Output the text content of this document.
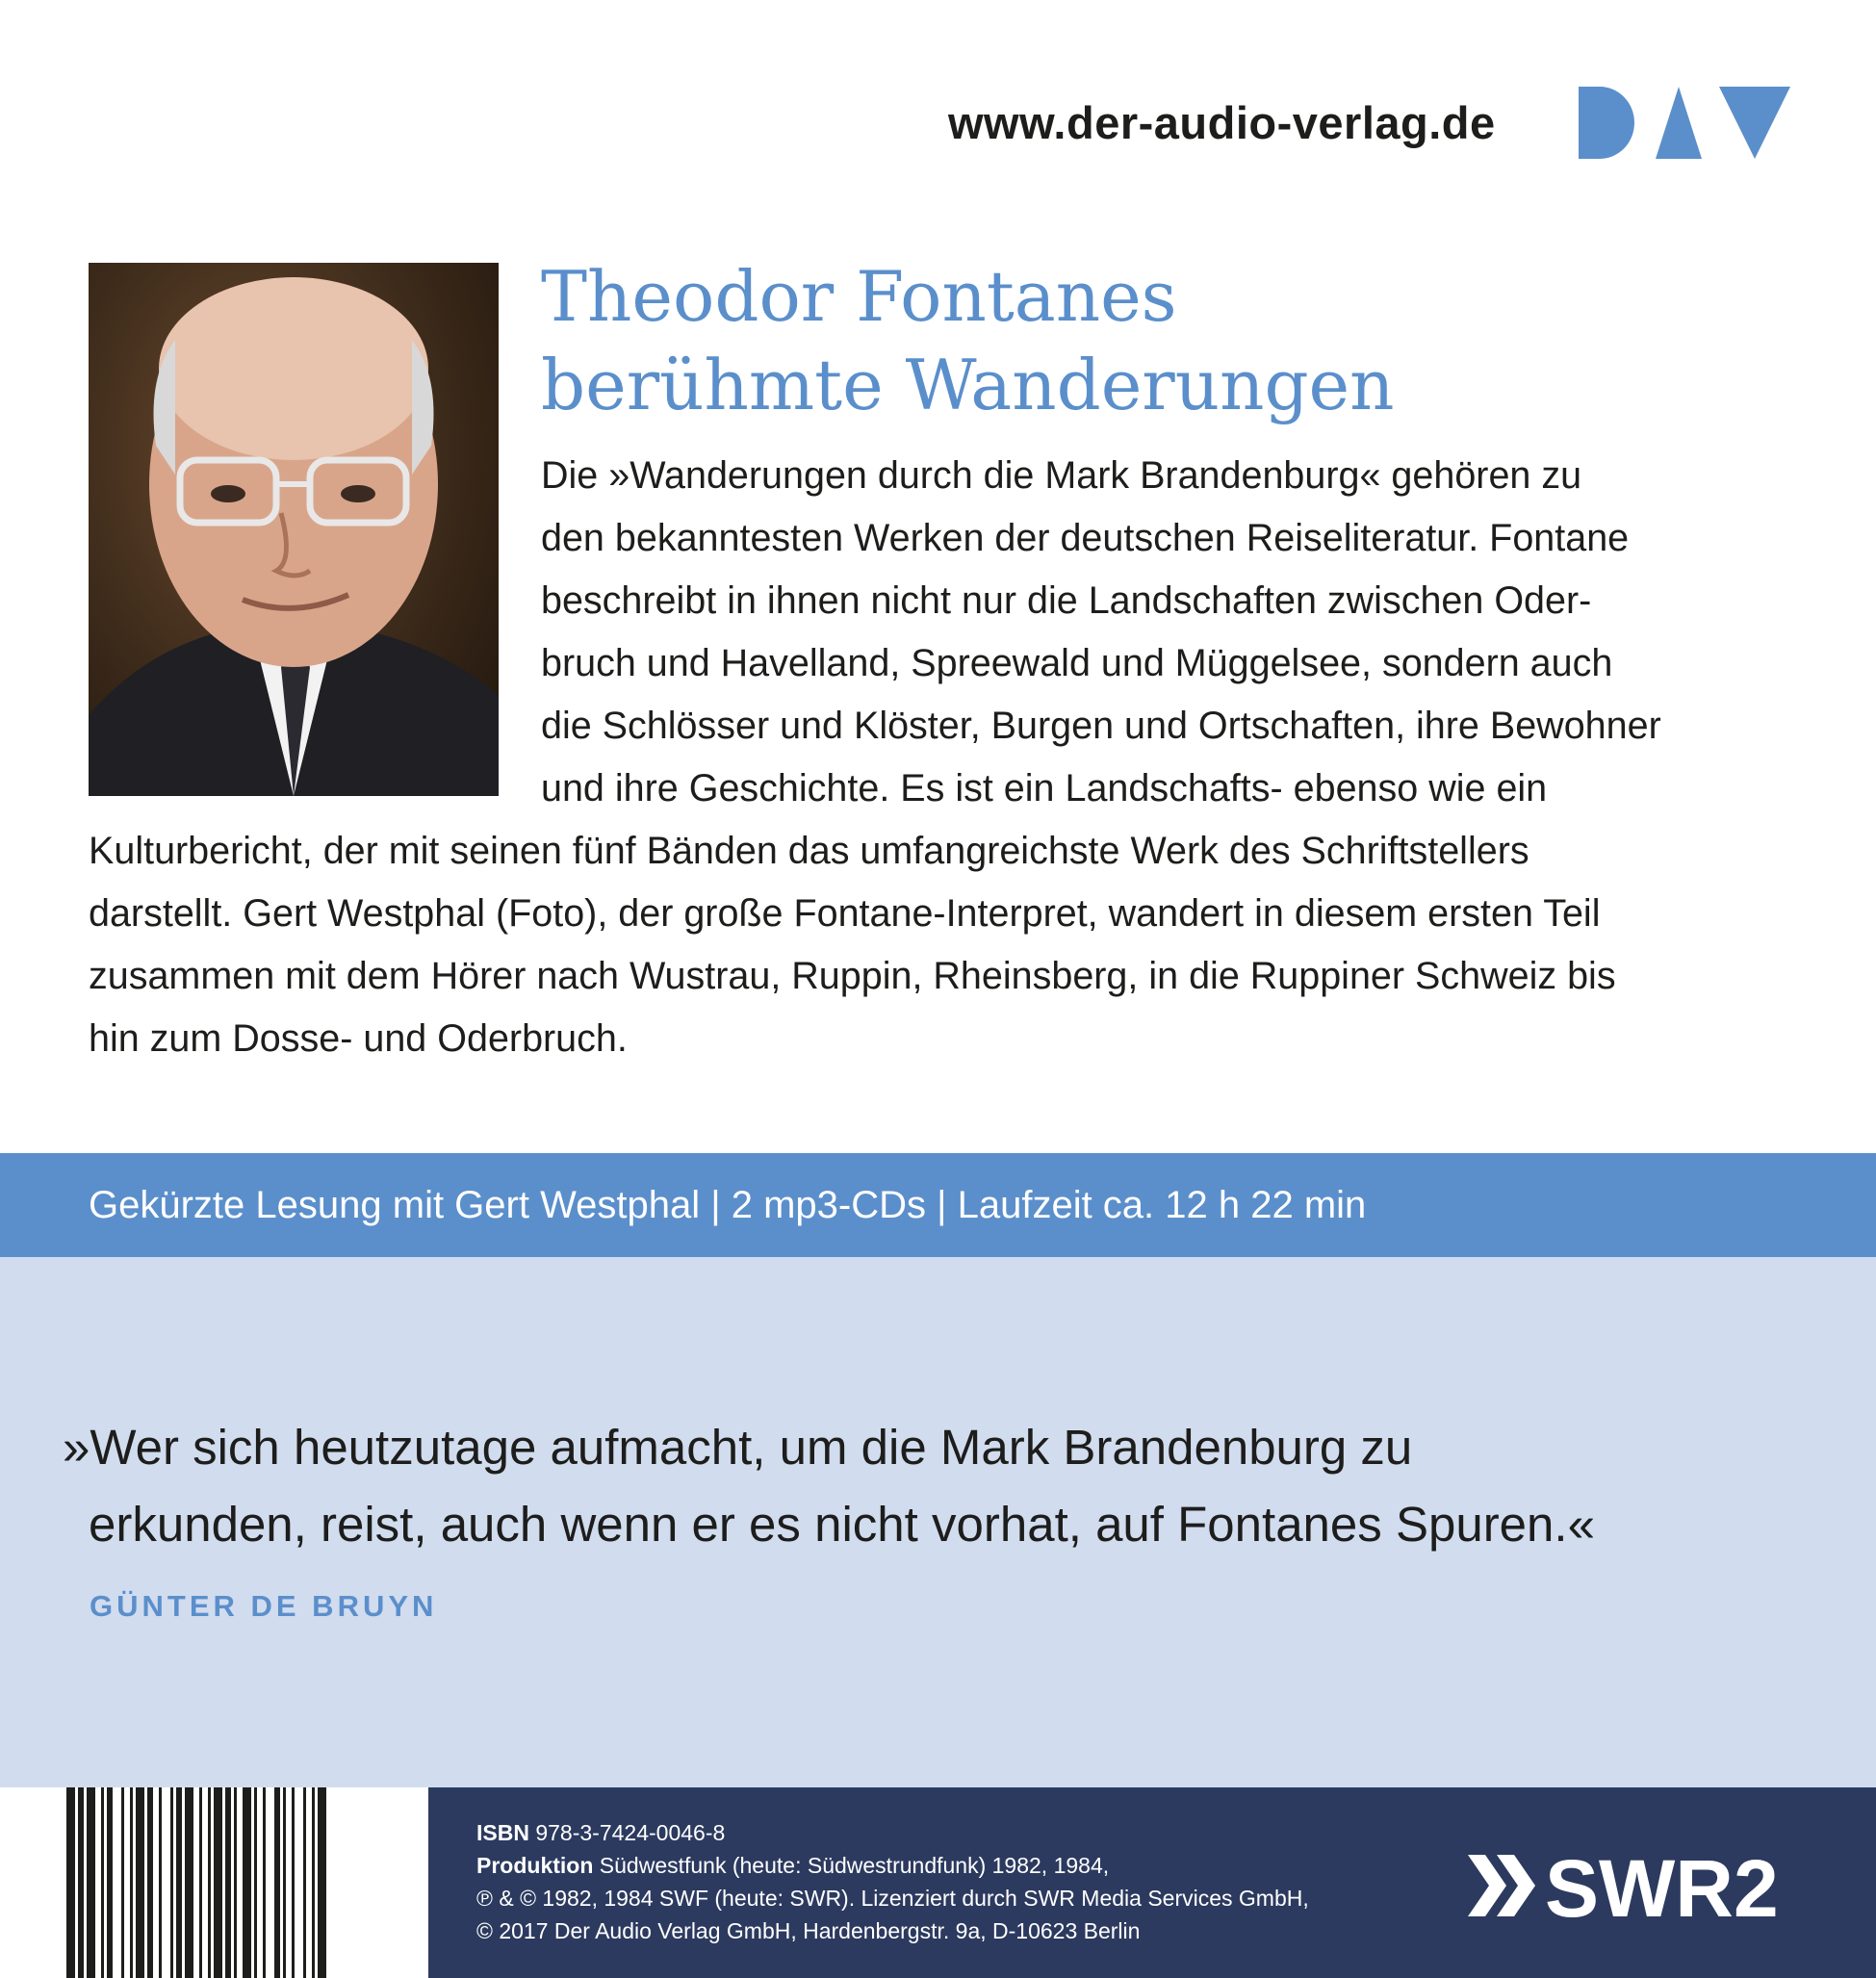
www.der-audio-verlag.de
Theodor Fontanes
berühmte Wanderungen
Die »Wanderungen durch die Mark Brandenburg« gehören zu
den bekanntesten Werken der deutschen Reiseliteratur. Fontane
beschreibt in ihnen nicht nur die Landschaften zwischen Oder-
bruch und Havelland, Spreewald und Müggelsee, sondern auch
die Schlösser und Klöster, Burgen und Ortschaften, ihre Bewohner
und ihre Geschichte. Es ist ein Landschafts- ebenso wie ein
Kulturbericht, der mit seinen fünf Bänden das umfangreichste Werk des Schriftstellers
darstellt. Gert Westphal (Foto), der große Fontane-Interpret, wandert in diesem ersten Teil
zusammen mit dem Hörer nach Wustrau, Ruppin, Rheinsberg, in die Ruppiner Schweiz bis
hin zum Dosse- und Oderbruch.
Gekürzte Lesung mit Gert Westphal | 2 mp3-CDs | Laufzeit ca. 12 h 22 min
»Wer sich heutzutage aufmacht, um die Mark Brandenburg zu
erkunden, reist, auch wenn er es nicht vorhat, auf Fontanes Spuren.«
GÜNTER DE BRUYN
ISBN 978-3-7424-0046-8
Produktion Südwestfunk (heute: Südwestrundfunk) 1982, 1984,
℗ & © 1982, 1984 SWF (heute: SWR). Lizenziert durch SWR Media Services GmbH,
© 2017 Der Audio Verlag GmbH, Hardenbergstr. 9a, D-10623 Berlin	SWR2
